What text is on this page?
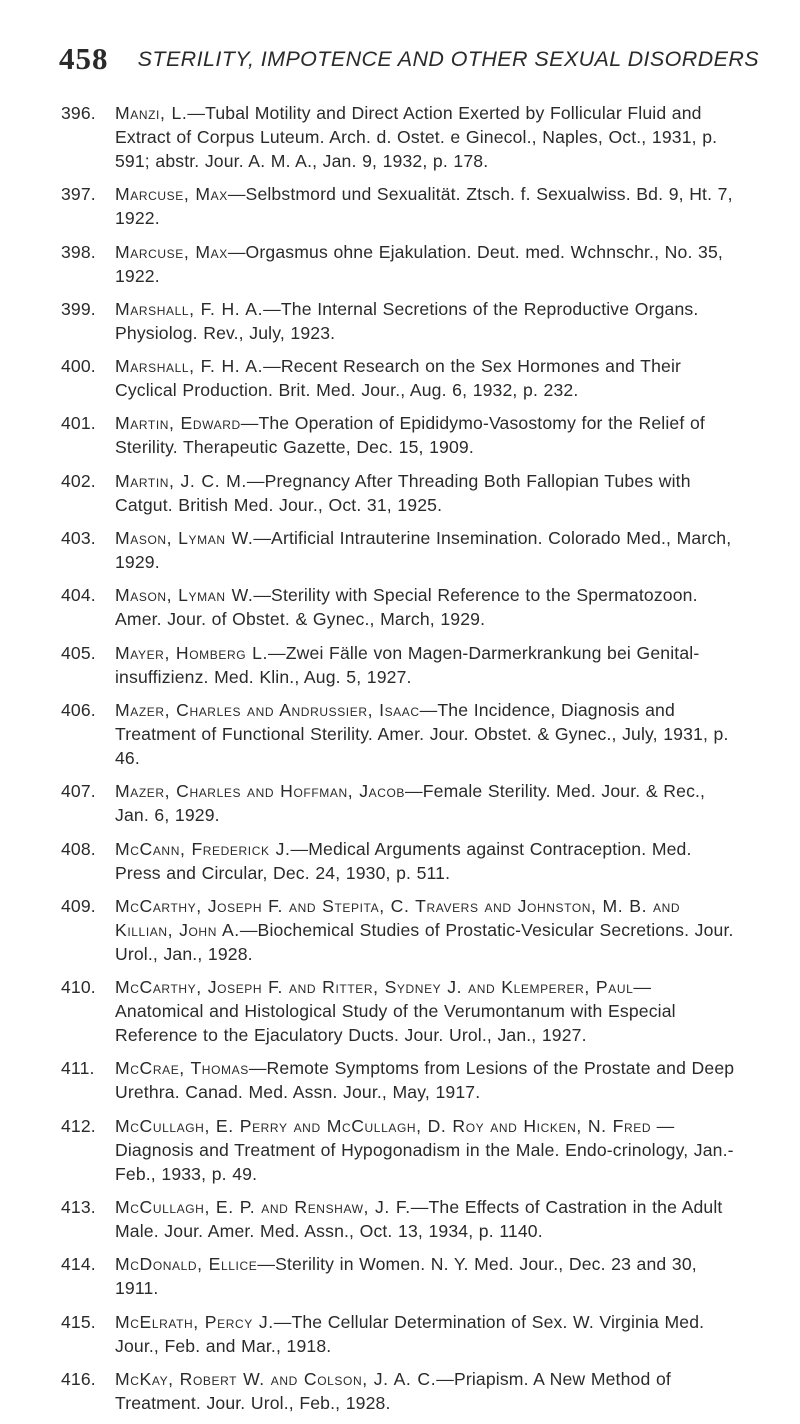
458	STERILITY, IMPOTENCE AND OTHER SEXUAL DISORDERS
396. Manzi, L.—Tubal Motility and Direct Action Exerted by Follicular Fluid and Extract of Corpus Luteum. Arch. d. Ostet. e Ginecol., Naples, Oct., 1931, p. 591; abstr. Jour. A. M. A., Jan. 9, 1932, p. 178.
397. Marcuse, Max—Selbstmord und Sexualität. Ztsch. f. Sexualwiss. Bd. 9, Ht. 7, 1922.
398. Marcuse, Max—Orgasmus ohne Ejakulation. Deut. med. Wchnschr., No. 35, 1922.
399. Marshall, F. H. A.—The Internal Secretions of the Reproductive Organs. Physiolog. Rev., July, 1923.
400. Marshall, F. H. A.—Recent Research on the Sex Hormones and Their Cyclical Production. Brit. Med. Jour., Aug. 6, 1932, p. 232.
401. Martin, Edward—The Operation of Epididymo-Vasostomy for the Relief of Sterility. Therapeutic Gazette, Dec. 15, 1909.
402. Martin, J. C. M.—Pregnancy After Threading Both Fallopian Tubes with Catgut. British Med. Jour., Oct. 31, 1925.
403. Mason, Lyman W.—Artificial Intrauterine Insemination. Colorado Med., March, 1929.
404. Mason, Lyman W.—Sterility with Special Reference to the Spermatozoon. Amer. Jour. of Obstet. & Gynec., March, 1929.
405. Mayer, Homberg L.—Zwei Fälle von Magen-Darmerkrankung bei Genital-insuffizienz. Med. Klin., Aug. 5, 1927.
406. Mazer, Charles and Andrussier, Isaac—The Incidence, Diagnosis and Treatment of Functional Sterility. Amer. Jour. Obstet. & Gynec., July, 1931, p. 46.
407. Mazer, Charles and Hoffman, Jacob—Female Sterility. Med. Jour. & Rec., Jan. 6, 1929.
408. McCann, Frederick J.—Medical Arguments against Contraception. Med. Press and Circular, Dec. 24, 1930, p. 511.
409. McCarthy, Joseph F. and Stepita, C. Travers and Johnston, M. B. and Killian, John A.—Biochemical Studies of Prostatic-Vesicular Secretions. Jour. Urol., Jan., 1928.
410. McCarthy, Joseph F. and Ritter, Sydney J. and Klemperer, Paul— Anatomical and Histological Study of the Verumontanum with Especial Reference to the Ejaculatory Ducts. Jour. Urol., Jan., 1927.
411. McCrae, Thomas—Remote Symptoms from Lesions of the Prostate and Deep Urethra. Canad. Med. Assn. Jour., May, 1917.
412. McCullagh, E. Perry and McCullagh, D. Roy and Hicken, N. Fred —Diagnosis and Treatment of Hypogonadism in the Male. Endo-crinology, Jan.-Feb., 1933, p. 49.
413. McCullagh, E. P. and Renshaw, J. F.—The Effects of Castration in the Adult Male. Jour. Amer. Med. Assn., Oct. 13, 1934, p. 1140.
414. McDonald, Ellice—Sterility in Women. N. Y. Med. Jour., Dec. 23 and 30, 1911.
415. McElrath, Percy J.—The Cellular Determination of Sex. W. Virginia Med. Jour., Feb. and Mar., 1918.
416. McKay, Robert W. and Colson, J. A. C.—Priapism. A New Method of Treatment. Jour. Urol., Feb., 1928.
